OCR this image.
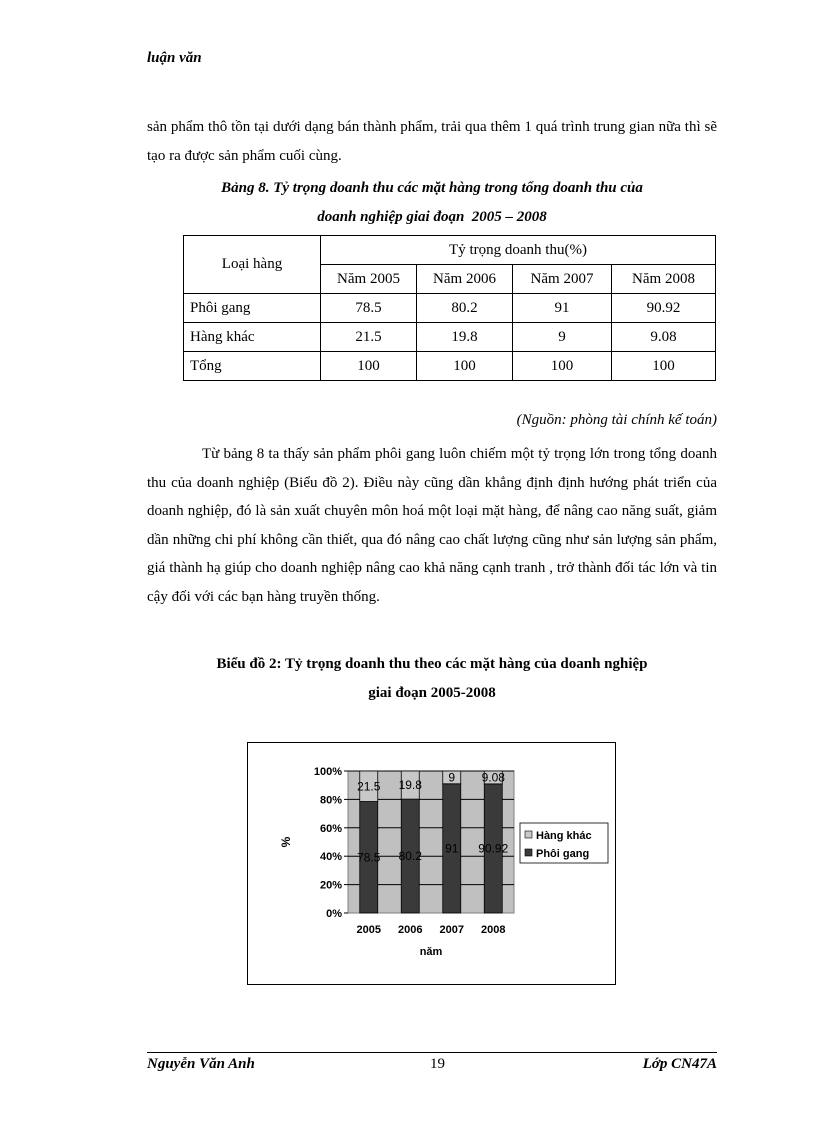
luận văn
sản phẩm thô tồn tại dưới dạng bán thành phẩm, trải qua thêm 1 quá trình trung gian nữa thì sẽ tạo ra được sản phẩm cuối cùng.
Bảng 8. Tỷ trọng doanh thu các mặt hàng trong tổng doanh thu của
doanh nghiệp giai đoạn  2005 – 2008
Loại hàng	Tỷ trọng doanh thu(%)			
	Năm 2005	Năm 2006	Năm 2007	Năm 2008
Phôi gang	78.5	80.2	91	90.92
Hàng khác	21.5	19.8	9	9.08
Tổng	100	100	100	100
(Nguồn: phòng tài chính kế toán)
Từ bảng 8 ta thấy sản phẩm phôi gang luôn chiếm một tỷ trọng lớn trong tổng doanh thu của doanh nghiệp (Biểu đồ 2). Điều này cũng dần khẳng định định hướng phát triển của doanh nghiệp, đó là sản xuất chuyên môn hoá một loại mặt hàng, để nâng cao năng suất, giảm dần những chi phí không cần thiết, qua đó nâng cao chất lượng cũng như sản lượng sản phẩm, giá thành hạ giúp cho doanh nghiệp nâng cao khả năng cạnh tranh , trở thành đối tác lớn và tin cậy đối với các bạn hàng truyền thống.
Biểu đồ 2: Tỷ trọng doanh thu theo các mặt hàng của doanh nghiệp
giai đoạn 2005-2008
0%
20%
40%
60%
80%
100%
%
78.5
21.5
2005
80.2
19.8
2006
91
9
2007
90.92
9.08
2008
năm
Hàng khác
Phôi gang
Nguyễn Văn Anh	19	Lớp CN47A
